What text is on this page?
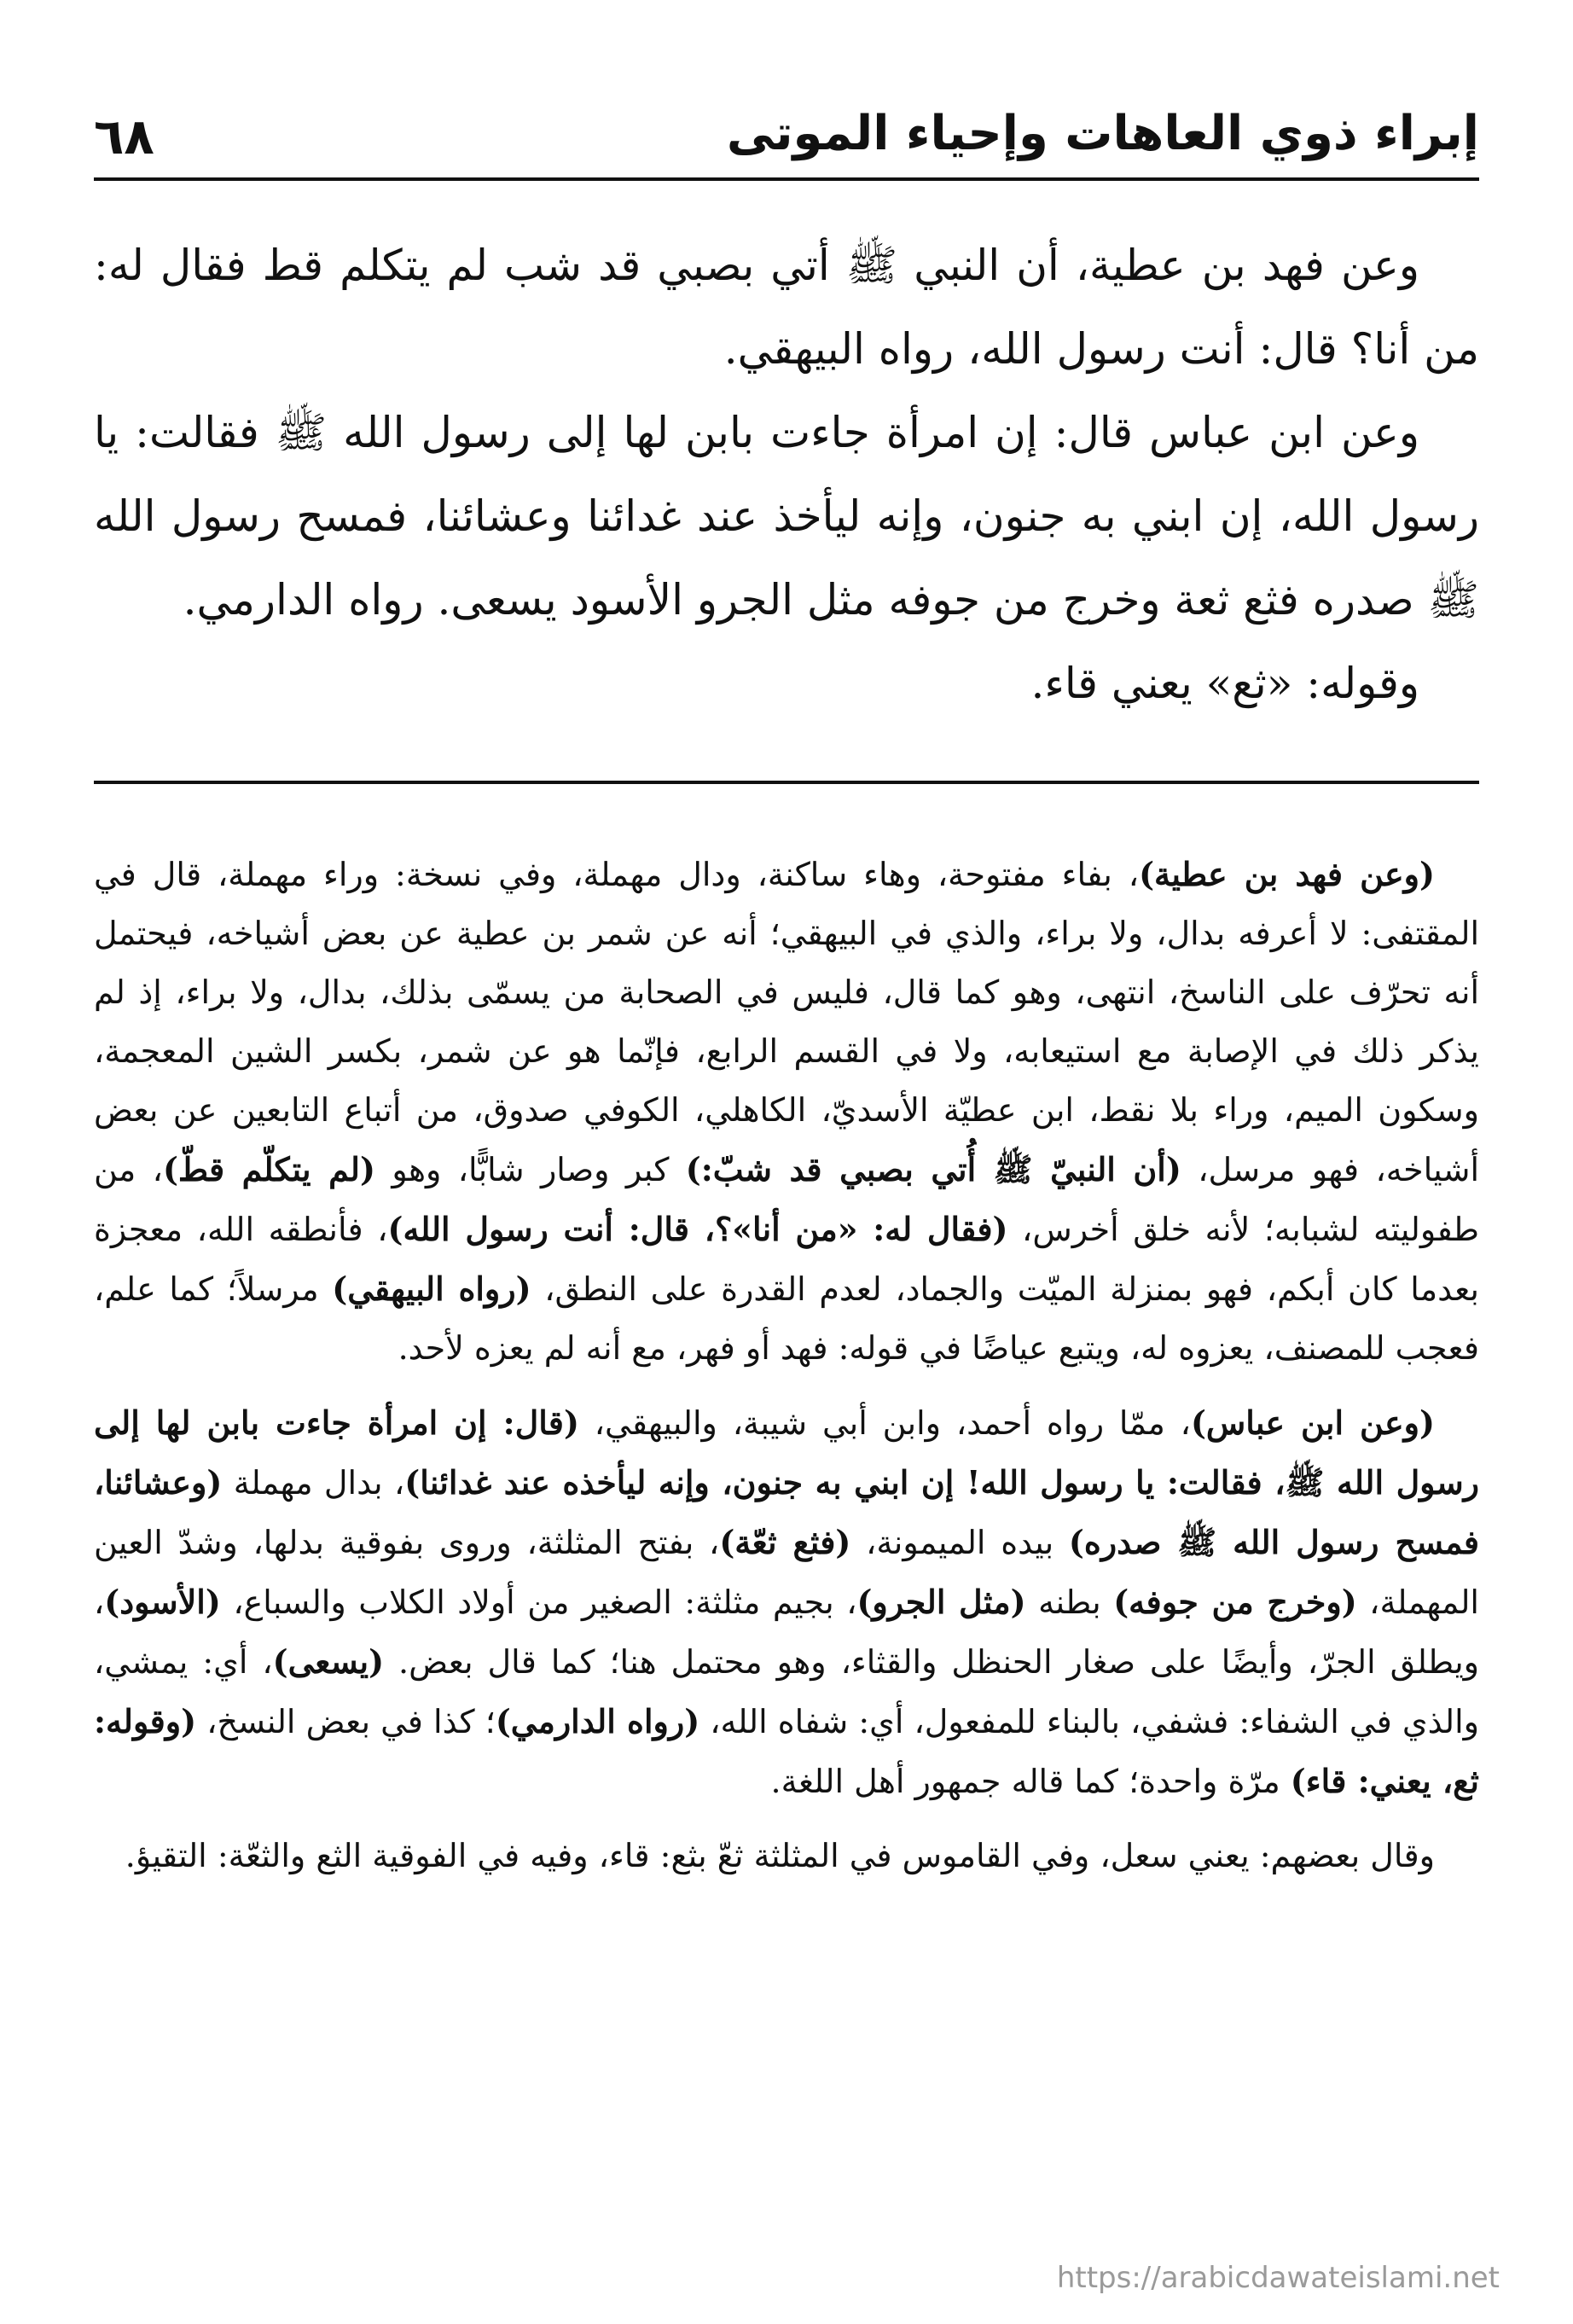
إبراء ذوي العاهات وإحياء الموتى
٦٨

وعن فهد بن عطية، أن النبي ﷺ أتي بصبي قد شب لم يتكلم قط فقال له: من أنا؟ قال: أنت رسول الله، رواه البيهقي.

وعن ابن عباس قال: إن امرأة جاءت بابن لها إلى رسول الله ﷺ فقالت: يا رسول الله، إن ابني به جنون، وإنه ليأخذ عند غدائنا وعشائنا، فمسح رسول الله ﷺ صدره فثع ثعة وخرج من جوفه مثل الجرو الأسود يسعى. رواه الدارمي.

وقوله: «ثع» يعني قاء.

(وعن فهد بن عطية)، بفاء مفتوحة، وهاء ساكنة، ودال مهملة، وفي نسخة: وراء مهملة، قال في المقتفى: لا أعرفه بدال، ولا براء، والذي في البيهقي؛ أنه عن شمر بن عطية عن بعض أشياخه، فيحتمل أنه تحرّف على الناسخ، انتهى، وهو كما قال، فليس في الصحابة من يسمّى بذلك، بدال، ولا براء، إذ لم يذكر ذلك في الإصابة مع استيعابه، ولا في القسم الرابع، فإنّما هو عن شمر، بكسر الشين المعجمة، وسكون الميم، وراء بلا نقط، ابن عطيّة الأسديّ، الكاهلي، الكوفي صدوق، من أتباع التابعين عن بعض أشياخه، فهو مرسل، (أن النبيّ ﷺ أُتي بصبي قد شبّ:) كبر وصار شابًّا، وهو (لم يتكلّم قطّ)، من طفوليته لشبابه؛ لأنه خلق أخرس، (فقال له: «من أنا»؟، قال: أنت رسول الله)، فأنطقه الله، معجزة بعدما كان أبكم، فهو بمنزلة الميّت والجماد، لعدم القدرة على النطق، (رواه البيهقي) مرسلاً؛ كما علم، فعجب للمصنف، يعزوه له، ويتبع عياضًا في قوله: فهد أو فهر، مع أنه لم يعزه لأحد.

(وعن ابن عباس)، ممّا رواه أحمد، وابن أبي شيبة، والبيهقي، (قال: إن امرأة جاءت بابن لها إلى رسول الله ﷺ، فقالت: يا رسول الله! إن ابني به جنون، وإنه ليأخذه عند غدائنا)، بدال مهملة (وعشائنا، فمسح رسول الله ﷺ صدره) بيده الميمونة، (فثع ثعّة)، بفتح المثلثة، وروى بفوقية بدلها، وشدّ العين المهملة، (وخرج من جوفه) بطنه (مثل الجرو)، بجيم مثلثة: الصغير من أولاد الكلاب والسباع، (الأسود)، ويطلق الجرّ، وأيضًا على صغار الحنظل والقثاء، وهو محتمل هنا؛ كما قال بعض. (يسعى)، أي: يمشي، والذي في الشفاء: فشفي، بالبناء للمفعول، أي: شفاه الله، (رواه الدارمي)؛ كذا في بعض النسخ، (وقوله: ثع، يعني: قاء) مرّة واحدة؛ كما قاله جمهور أهل اللغة.

وقال بعضهم: يعني سعل، وفي القاموس في المثلثة ثعّ بثع: قاء، وفيه في الفوقية الثع والثعّة: التقيؤ.

https://arabicdawateislami.net
